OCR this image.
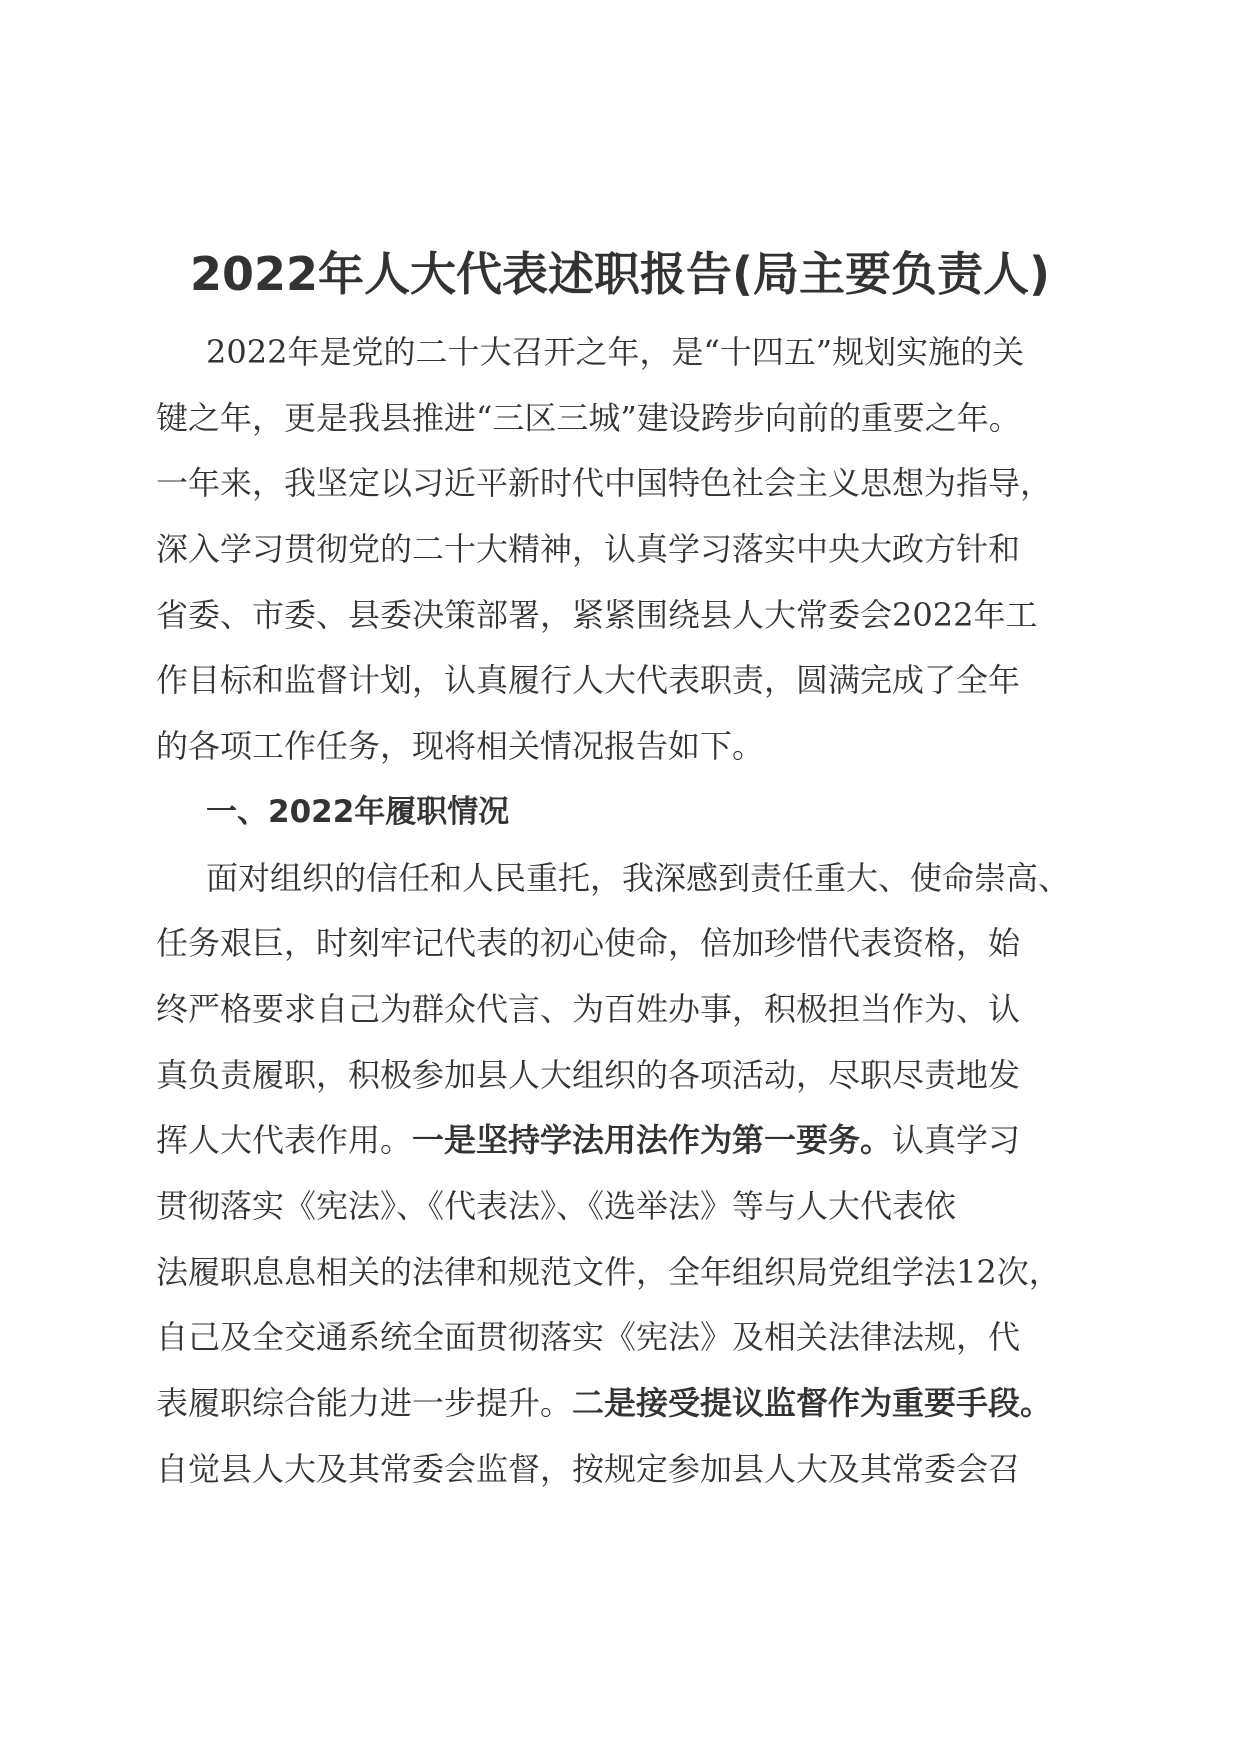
2022年人大代表述职报告(局主要负责人)
2022年是党的二十大召开之年，是“十四五”规划实施的关
键之年，更是我县推进“三区三城”建设跨步向前的重要之年。
一年来，我坚定以习近平新时代中国特色社会主义思想为指导，
深入学习贯彻党的二十大精神，认真学习落实中央大政方针和
省委、市委、县委决策部署，紧紧围绕县人大常委会2022年工
作目标和监督计划，认真履行人大代表职责，圆满完成了全年
的各项工作任务，现将相关情况报告如下。
一、2022年履职情况
面对组织的信任和人民重托，我深感到责任重大、使命崇高、
任务艰巨，时刻牢记代表的初心使命，倍加珍惜代表资格，始
终严格要求自己为群众代言、为百姓办事，积极担当作为、认
真负责履职，积极参加县人大组织的各项活动，尽职尽责地发
挥人大代表作用。一是坚持学法用法作为第一要务。认真学习
贯彻落实《宪法》、《代表法》、《选举法》等与人大代表依
法履职息息相关的法律和规范文件，全年组织局党组学法12次，
自己及全交通系统全面贯彻落实《宪法》及相关法律法规，代
表履职综合能力进一步提升。二是接受提议监督作为重要手段。
自觉县人大及其常委会监督，按规定参加县人大及其常委会召
